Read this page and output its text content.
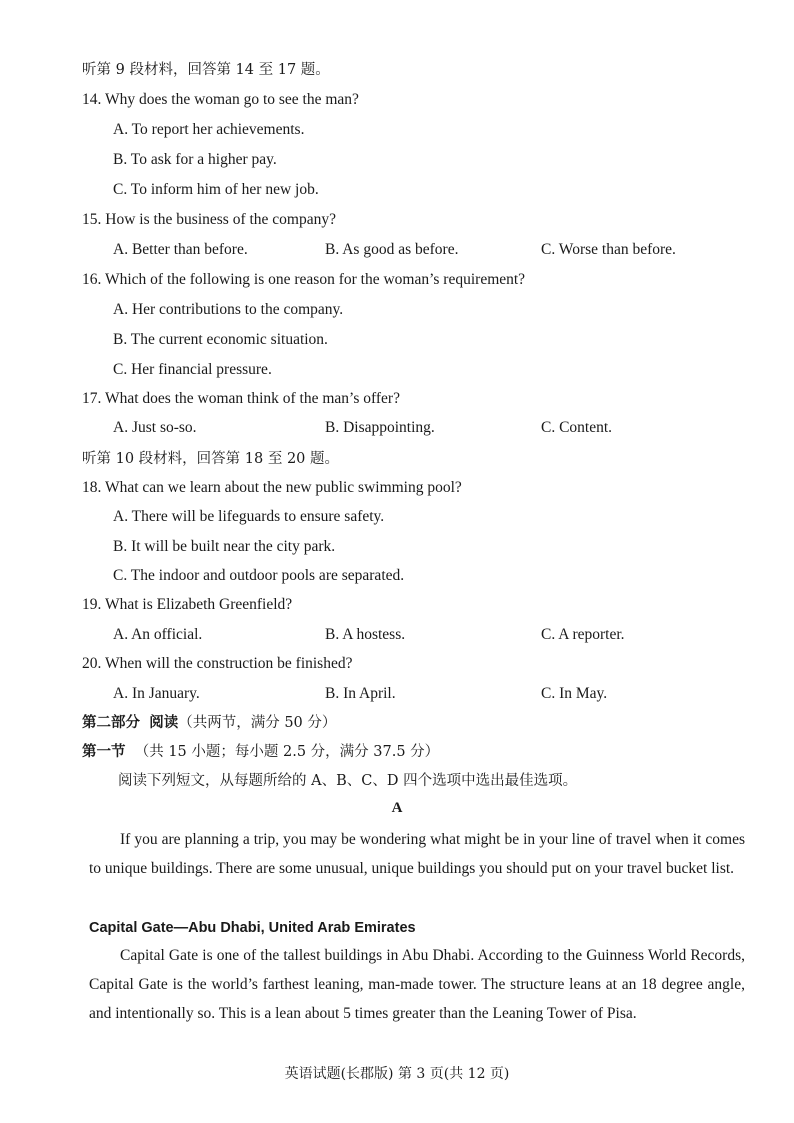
听第 9 段材料，回答第 14 至 17 题。
14. Why does the woman go to see the man?
A. To report her achievements.
B. To ask for a higher pay.
C. To inform him of her new job.
15. How is the business of the company?
A. Better than before.	B. As good as before.	C. Worse than before.
16. Which of the following is one reason for the woman’s requirement?
A. Her contributions to the company.
B. The current economic situation.
C. Her financial pressure.
17. What does the woman think of the man’s offer?
A. Just so-so.	B. Disappointing.	C. Content.
听第 10 段材料，回答第 18 至 20 题。
18. What can we learn about the new public swimming pool?
A. There will be lifeguards to ensure safety.
B. It will be built near the city park.
C. The indoor and outdoor pools are separated.
19. What is Elizabeth Greenfield?
A. An official.	B. A hostess.	C. A reporter.
20. When will the construction be finished?
A. In January.	B. In April.	C. In May.
第二部分 阅读（共两节，满分 50 分）
第一节 （共 15 小题；每小题 2.5 分，满分 37.5 分）
阅读下列短文，从每题所给的 A、B、C、D 四个选项中选出最佳选项。
A
If you are planning a trip, you may be wondering what might be in your line of travel when it comes to unique buildings. There are some unusual, unique buildings you should put on your travel bucket list.
Capital Gate—Abu Dhabi, United Arab Emirates
Capital Gate is one of the tallest buildings in Abu Dhabi. According to the Guinness World Records, Capital Gate is the world’s farthest leaning, man-made tower. The structure leans at an 18 degree angle, and intentionally so. This is a lean about 5 times greater than the Leaning Tower of Pisa.
英语试题(长郡版) 第 3 页(共 12 页)
